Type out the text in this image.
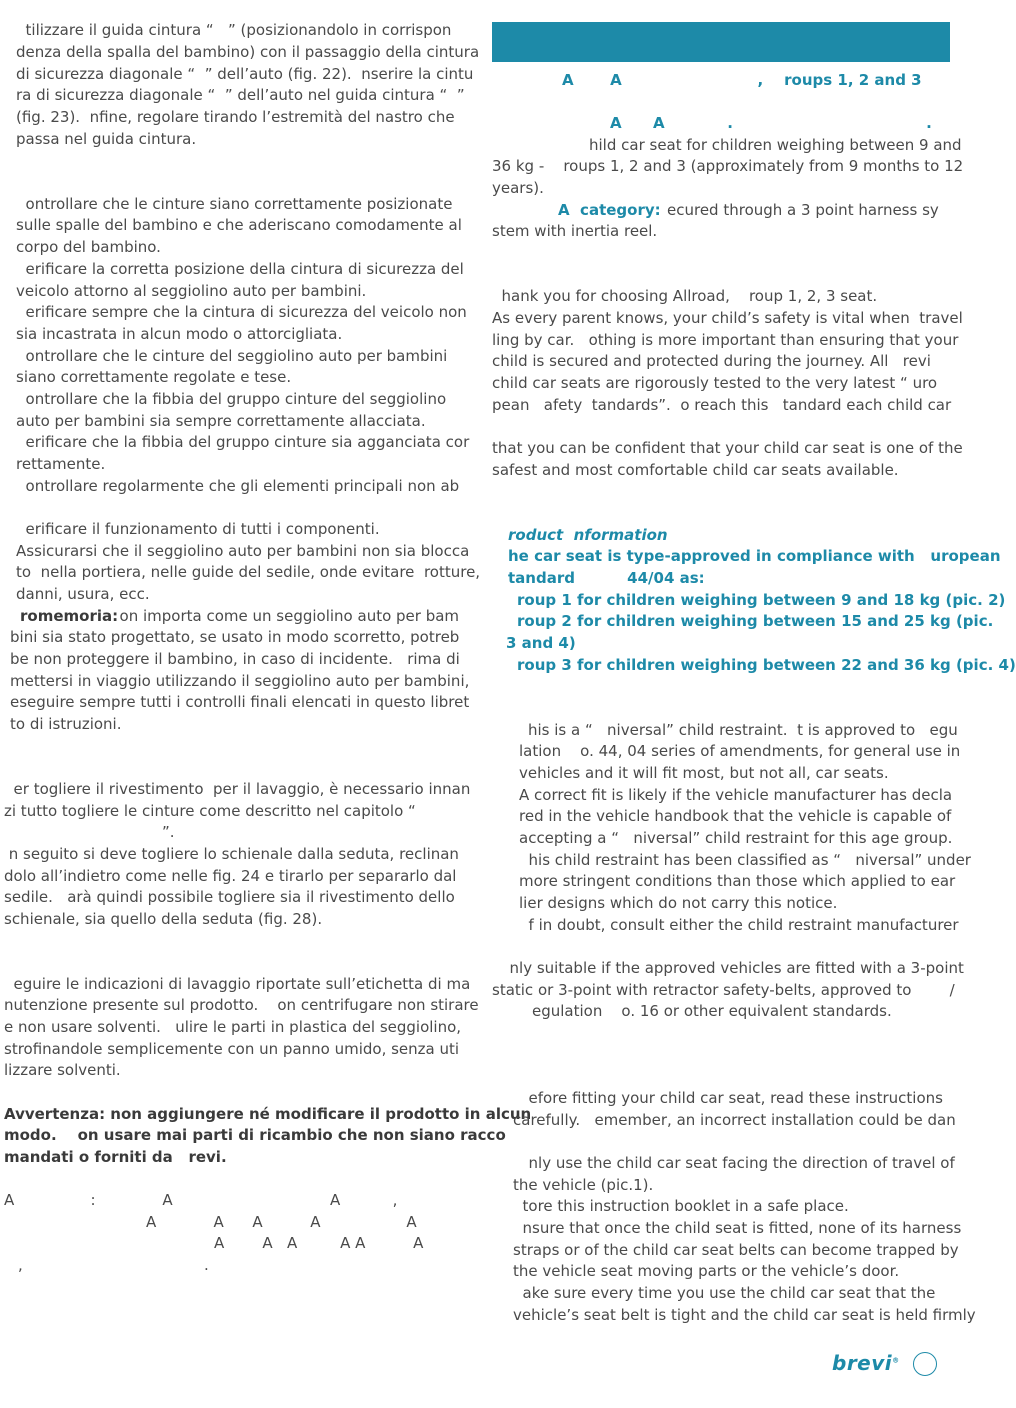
tilizzare il guida cintura “   ” (posizionandolo in corrispon

denza della spalla del bambino) con il passaggio della cintura

di sicurezza diagonale “  ” dell’auto (fig. 22).  nserire la cintu

ra di sicurezza diagonale “  ” dell’auto nel guida cintura “  ”

(fig. 23).  nfine, regolare tirando l’estremità del nastro che

passa nel guida cintura.

ontrollare che le cinture siano correttamente posizionate

sulle spalle del bambino e che aderiscano comodamente al

corpo del bambino.

erificare la corretta posizione della cintura di sicurezza del

veicolo attorno al seggiolino auto per bambini.

erificare sempre che la cintura di sicurezza del veicolo non

sia incastrata in alcun modo o attorcigliata.

ontrollare che le cinture del seggiolino auto per bambini

siano correttamente regolate e tese.

ontrollare che la fibbia del gruppo cinture del seggiolino

auto per bambini sia sempre correttamente allacciata.

erificare che la fibbia del gruppo cinture sia agganciata cor

rettamente.

ontrollare regolarmente che gli elementi principali non ab

erificare il funzionamento di tutti i componenti.

Assicurarsi che il seggiolino auto per bambini non sia blocca

to  nella portiera, nelle guide del sedile, onde evitare  rotture,

danni, usura, ecc.

on importa come un seggiolino auto per bam

bini sia stato progettato, se usato in modo scorretto, potreb

be non proteggere il bambino, in caso di incidente.   rima di

mettersi in viaggio utilizzando il seggiolino auto per bambini,

eseguire sempre tutti i controlli finali elencati in questo libret

to di istruzioni.

er togliere il rivestimento  per il lavaggio, è necessario innan

zi tutto togliere le cinture come descritto nel capitolo “

”.

n seguito si deve togliere lo schienale dalla seduta, reclinan

dolo all’indietro come nelle fig. 24 e tirarlo per separarlo dal

sedile.   arà quindi possibile togliere sia il rivestimento dello

schienale, sia quello della seduta (fig. 28).

eguire le indicazioni di lavaggio riportate sull’etichetta di ma

nutenzione presente sul prodotto.    on centrifugare non stirare

e non usare solventi.   ulire le parti in plastica del seggiolino,

strofinandole semplicemente con un panno umido, senza uti

lizzare solventi.

Avvertenza: non aggiungere né modificare il prodotto in alcun

modo.    on usare mai parti di ricambio che non siano racco

mandati o forniti da   revi.

A                :              A                                 A           ,

A            A      A          A                  A

A        A   A         A A          A

,                                      .

A       A                          ,    roups 1, 2 and 3

A      A            .                                     .

hild car seat for children weighing between 9 and

36 kg -    roups 1, 2 and 3 (approximately from 9 months to 12

years).

ecured through a 3 point harness sy

stem with inertia reel.

hank you for choosing Allroad,    roup 1, 2, 3 seat.

As every parent knows, your child’s safety is vital when  travel

ling by car.   othing is more important than ensuring that your

child is secured and protected during the journey. All   revi

child car seats are rigorously tested to the very latest “ uro

pean   afety  tandards”.  o reach this   tandard each child car

that you can be confident that your child car seat is one of the

safest and most comfortable child car seats available.

roduct  nformation

he car seat is type-approved in compliance with   uropean

tandard          44/04 as:

roup 1 for children weighing between 9 and 18 kg (pic. 2)

roup 2 for children weighing between 15 and 25 kg (pic.

3 and 4)

roup 3 for children weighing between 22 and 36 kg (pic. 4)

his is a “   niversal” child restraint.  t is approved to   egu

lation    o. 44, 04 series of amendments, for general use in

vehicles and it will fit most, but not all, car seats.

A correct fit is likely if the vehicle manufacturer has decla

red in the vehicle handbook that the vehicle is capable of

accepting a “   niversal” child restraint for this age group.

his child restraint has been classified as “   niversal” under

more stringent conditions than those which applied to ear

lier designs which do not carry this notice.

f in doubt, consult either the child restraint manufacturer

nly suitable if the approved vehicles are fitted with a 3-point

static or 3-point with retractor safety-belts, approved to        /

egulation    o. 16 or other equivalent standards.

efore fitting your child car seat, read these instructions

carefully.   emember, an incorrect installation could be dan

nly use the child car seat facing the direction of travel of

the vehicle (pic.1).

tore this instruction booklet in a safe place.

nsure that once the child seat is fitted, none of its harness

straps or of the child car seat belts can become trapped by

the vehicle seat moving parts or the vehicle’s door.

ake sure every time you use the child car seat that the

vehicle’s seat belt is tight and the child car seat is held firmly

romemoria:

A  category:

brevi®
